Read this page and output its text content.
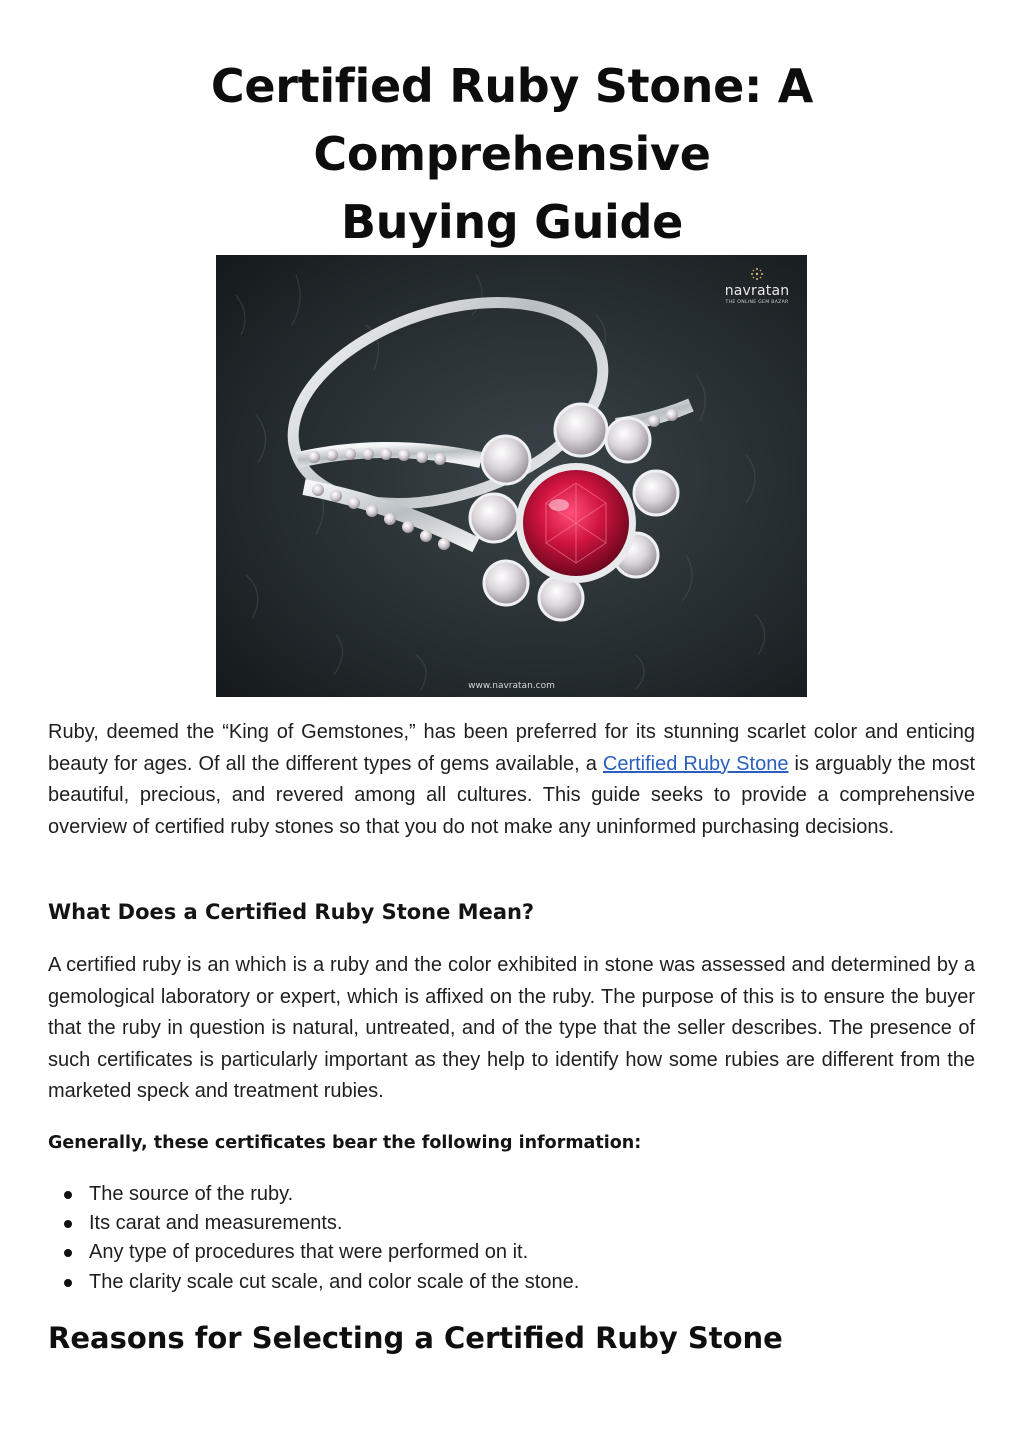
Certified Ruby Stone: A Comprehensive
Buying Guide
navratan
THE ONLINE GEM BAZAR
www.navratan.com

Ruby, deemed the “King of Gemstones,” has been preferred for its stunning scarlet color and enticing beauty for ages. Of all the different types of gems available, a Certified Ruby Stone is arguably the most beautiful, precious, and revered among all cultures. This guide seeks to provide a comprehensive overview of certified ruby stones so that you do not make any uninformed purchasing decisions.

What Does a Certified Ruby Stone Mean?

A certified ruby is an which is a ruby and the color exhibited in stone was assessed and determined by a gemological laboratory or expert, which is affixed on the ruby. The purpose of this is to ensure the buyer that the ruby in question is natural, untreated, and of the type that the seller describes. The presence of such certificates is particularly important as they help to identify how some rubies are different from the marketed speck and treatment rubies.

Generally, these certificates bear the following information:
The source of the ruby.
Its carat and measurements.
Any type of procedures that were performed on it.
The clarity scale cut scale, and color scale of the stone.
Reasons for Selecting a Certified Ruby Stone
